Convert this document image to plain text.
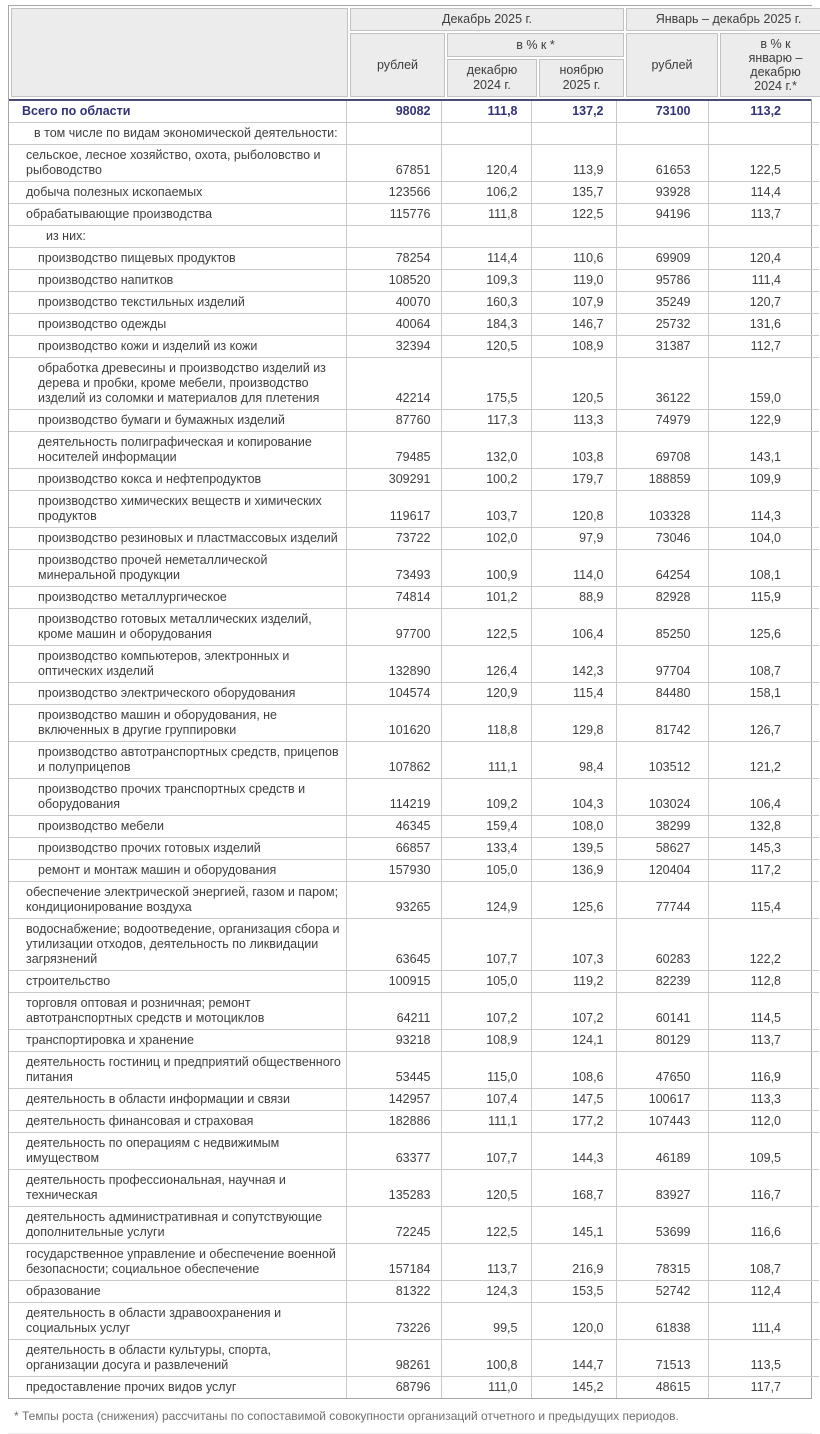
	Декабрь 2025 г.			Январь – декабрь 2025 г.	
	рублей	в % к *		рублей	в % к январю – декабрю 2024 г.*
		декабрю 2024 г.	ноябрю 2025 г.		
Всего по области	98082	111,8	137,2	73100	113,2
в том числе по видам экономической деятельности:					
сельское, лесное хозяйство, охота, рыболовство и рыбоводство	67851	120,4	113,9	61653	122,5
добыча полезных ископаемых	123566	106,2	135,7	93928	114,4
обрабатывающие производства	115776	111,8	122,5	94196	113,7
из них:					
производство пищевых продуктов	78254	114,4	110,6	69909	120,4
производство напитков	108520	109,3	119,0	95786	111,4
производство текстильных изделий	40070	160,3	107,9	35249	120,7
производство одежды	40064	184,3	146,7	25732	131,6
производство кожи и изделий из кожи	32394	120,5	108,9	31387	112,7
обработка древесины и производство изделий из дерева и пробки, кроме мебели, производство изделий из соломки и материалов для плетения	42214	175,5	120,5	36122	159,0
производство бумаги и бумажных изделий	87760	117,3	113,3	74979	122,9
деятельность полиграфическая и копирование носителей информации	79485	132,0	103,8	69708	143,1
производство кокса и нефтепродуктов	309291	100,2	179,7	188859	109,9
производство химических веществ и химических продуктов	119617	103,7	120,8	103328	114,3
производство резиновых и пластмассовых изделий	73722	102,0	97,9	73046	104,0
производство прочей неметаллической минеральной продукции	73493	100,9	114,0	64254	108,1
производство металлургическое	74814	101,2	88,9	82928	115,9
производство готовых металлических изделий, кроме машин и оборудования	97700	122,5	106,4	85250	125,6
производство компьютеров, электронных и оптических изделий	132890	126,4	142,3	97704	108,7
производство электрического оборудования	104574	120,9	115,4	84480	158,1
производство машин и оборудования, не включенных в другие группировки	101620	118,8	129,8	81742	126,7
производство автотранспортных средств, прицепов и полуприцепов	107862	111,1	98,4	103512	121,2
производство прочих транспортных средств и оборудования	114219	109,2	104,3	103024	106,4
производство мебели	46345	159,4	108,0	38299	132,8
производство прочих готовых изделий	66857	133,4	139,5	58627	145,3
ремонт и монтаж машин и оборудования	157930	105,0	136,9	120404	117,2
обеспечение электрической энергией, газом и паром; кондиционирование воздуха	93265	124,9	125,6	77744	115,4
водоснабжение; водоотведение, организация сбора и утилизации отходов, деятельность по ликвидации загрязнений	63645	107,7	107,3	60283	122,2
строительство	100915	105,0	119,2	82239	112,8
торговля оптовая и розничная; ремонт автотранспортных средств и мотоциклов	64211	107,2	107,2	60141	114,5
транспортировка и хранение	93218	108,9	124,1	80129	113,7
деятельность гостиниц и предприятий общественного питания	53445	115,0	108,6	47650	116,9
деятельность в области информации и связи	142957	107,4	147,5	100617	113,3
деятельность финансовая и страховая	182886	111,1	177,2	107443	112,0
деятельность по операциям с недвижимым имуществом	63377	107,7	144,3	46189	109,5
деятельность профессиональная, научная и техническая	135283	120,5	168,7	83927	116,7
деятельность административная и сопутствующие дополнительные услуги	72245	122,5	145,1	53699	116,6
государственное управление и обеспечение военной безопасности; социальное обеспечение	157184	113,7	216,9	78315	108,7
образование	81322	124,3	153,5	52742	112,4
деятельность в области здравоохранения и социальных услуг	73226	99,5	120,0	61838	111,4
деятельность в области культуры, спорта, организации досуга и развлечений	98261	100,8	144,7	71513	113,5
предоставление прочих видов услуг	68796	111,0	145,2	48615	117,7
* Темпы роста (снижения) рассчитаны по сопоставимой совокупности организаций отчетного и предыдущих периодов.
